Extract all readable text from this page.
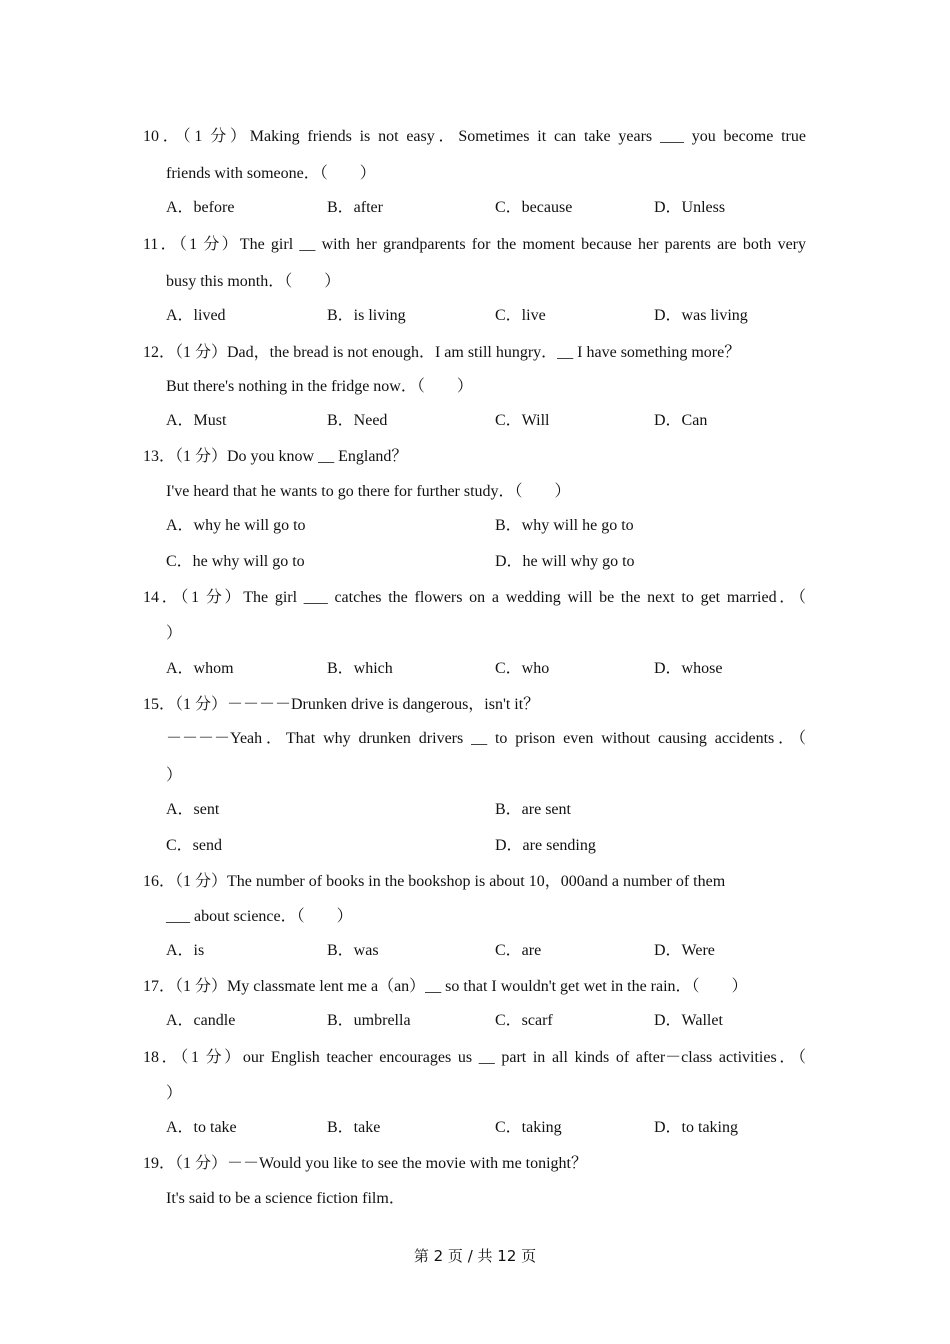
10．（1 分）Making friends is not easy．Sometimes it can take years ___ you become true
friends with someone．（　　）
A．before	B．after	C．because	D．Unless
11．（1 分）The girl __ with her grandparents for the moment because her parents are both very
busy this month．（　　）
A．lived	B．is living	C．live	D．was living
12．（1 分）Dad，the bread is not enough．I am still hungry．__ I have something more？
But there's nothing in the fridge now．（　　）
A．Must	B．Need	C．Will	D．Can
13．（1 分）Do you know __ England？
I've heard that he wants to go there for further study．（　　）
A．why he will go to	B．why will he go to
C．he why will go to	D．he will why go to
14．（1 分）The girl ___ catches the flowers on a wedding will be the next to get married．（
）
A．whom	B．which	C．who	D．whose
15．（1 分）－－－－Drunken drive is dangerous，isn't it？
－－－－Yeah．That why drunken drivers __ to prison even without causing accidents．（
）
A．sent	B．are sent
C．send	D．are sending
16．（1 分）The number of books in the bookshop is about 10，000and a number of them
___ about science．（　　）
A．is	B．was	C．are	D．Were
17．（1 分）My classmate lent me a（an）__ so that I wouldn't get wet in the rain．（　　）
A．candle	B．umbrella	C．scarf	D．Wallet
18．（1 分）our English teacher encourages us __ part in all kinds of after－class activities．（
）
A．to take	B．take	C．taking	D．to taking
19．（1 分）－－Would you like to see the movie with me tonight？
It's said to be a science fiction film．
第 2 页 / 共 12 页
